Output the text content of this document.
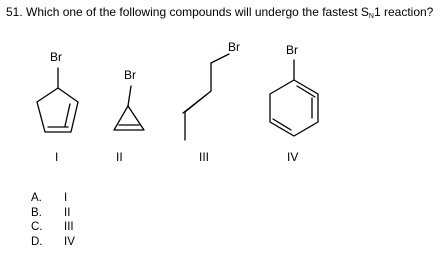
51. Which one of the following compounds will undergo the fastest $S_N1$ reaction?
Br
Br
Br	Br
I	II	III	IV
A.	I
B.	II
C.	III
D.	IV
